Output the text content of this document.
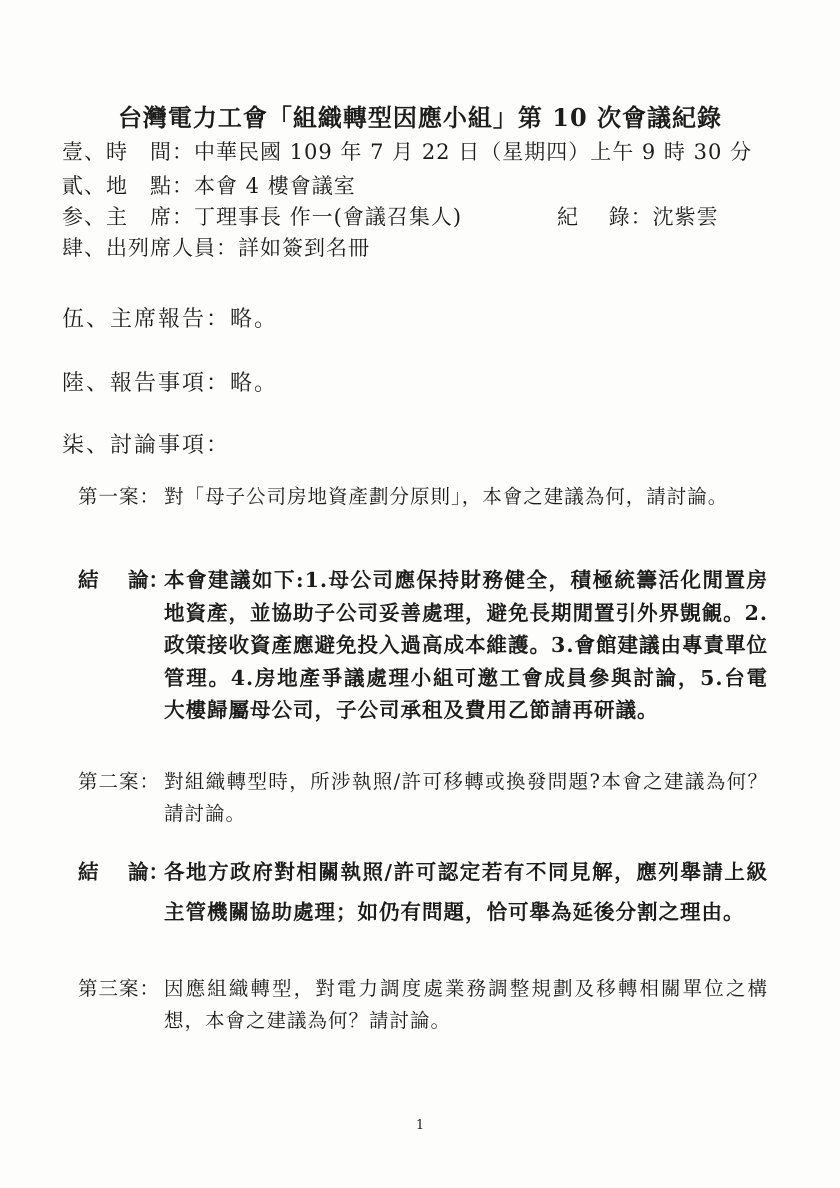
台灣電力工會「組織轉型因應小組」第 10 次會議紀錄
壹、時　間：中華民國 109 年 7 月 22 日（星期四）上午 9 時 30 分
貳、地　點：本會 4 樓會議室
参、主　席：丁理事長 作一(會議召集人)	紀　 錄：沈紫雲
肆、出列席人員：詳如簽到名冊
伍、主席報告：略。
陸、報告事項：略。
柒、討論事項：
第一案： 對「母子公司房地資產劃分原則」，本會之建議為何，請討論。
結 論：
本會建議如下:1.母公司應保持財務健全，積極統籌活化閒置房地資產，並協助子公司妥善處理，避免長期閒置引外界覬覦。2.政策接收資產應避免投入過高成本維護。3.會館建議由專責單位管理。4.房地產爭議處理小組可邀工會成員參與討論，5.台電大樓歸屬母公司，子公司承租及費用乙節請再研議。
第二案： 對組織轉型時，所涉執照/許可移轉或換發問題?本會之建議為何？請討論。
結 論：
各地方政府對相關執照/許可認定若有不同見解，應列舉請上級主管機關協助處理；如仍有問題，恰可舉為延後分割之理由。
第三案： 因應組織轉型，對電力調度處業務調整規劃及移轉相關單位之構想，本會之建議為何？請討論。
1
